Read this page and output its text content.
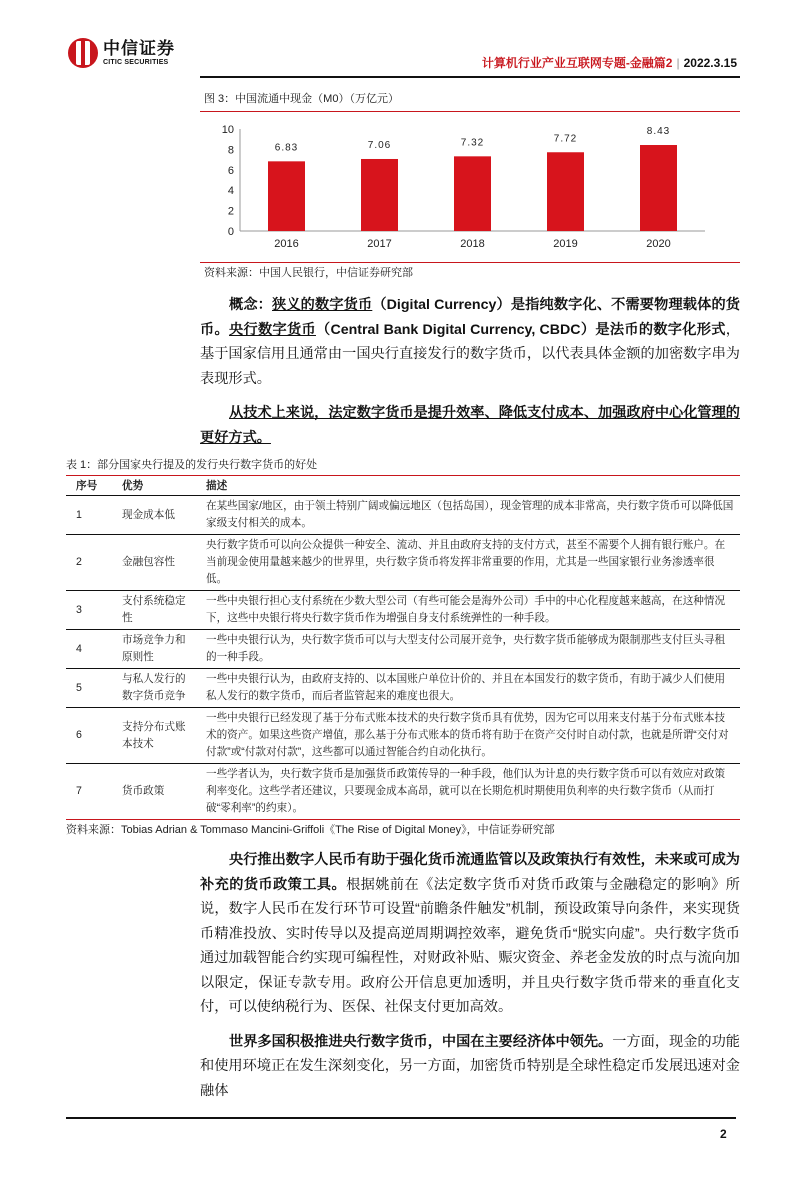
中信证券
CITIC SECURITIES	计算机行业产业互联网专题-金融篇2 | 2022.3.15
图 3：中国流通中现金（M0）（万亿元）
0
2
4
6
8
10
6.83
2016
7.06
2017
7.32
2018
7.72
2019
8.43
2020
资料来源：中国人民银行，中信证券研究部
概念：狭义的数字货币（Digital Currency）是指纯数字化、不需要物理载体的货币。央行数字货币（Central Bank Digital Currency, CBDC）是法币的数字化形式，基于国家信用且通常由一国央行直接发行的数字货币，以代表具体金额的加密数字串为表现形式。
从技术上来说，法定数字货币是提升效率、降低支付成本、加强政府中心化管理的更好方式。
表 1：部分国家央行提及的发行央行数字货币的好处
序号	优势	描述
1	现金成本低	在某些国家/地区，由于领土特别广阔或偏远地区（包括岛国），现金管理的成本非常高，央行数字货币可以降低国家级支付相关的成本。
2	金融包容性	央行数字货币可以向公众提供一种安全、流动、并且由政府支持的支付方式，甚至不需要个人拥有银行账户。在当前现金使用量越来越少的世界里，央行数字货币将发挥非常重要的作用，尤其是一些国家银行业务渗透率很低。
3	支付系统稳定性	一些中央银行担心支付系统在少数大型公司（有些可能会是海外公司）手中的中心化程度越来越高，在这种情况下，这些中央银行将央行数字货币作为增强自身支付系统弹性的一种手段。
4	市场竞争力和原则性	一些中央银行认为，央行数字货币可以与大型支付公司展开竞争，央行数字货币能够成为限制那些支付巨头寻租的一种手段。
5	与私人发行的数字货币竞争	一些中央银行认为，由政府支持的、以本国账户单位计价的、并且在本国发行的数字货币，有助于减少人们使用私人发行的数字货币，而后者监管起来的难度也很大。
6	支持分布式账本技术	一些中央银行已经发现了基于分布式账本技术的央行数字货币具有优势，因为它可以用来支付基于分布式账本技术的资产。如果这些资产增值，那么基于分布式账本的货币将有助于在资产交付时自动付款，也就是所谓“交付对付款”或“付款对付款”，这些都可以通过智能合约自动化执行。
7	货币政策	一些学者认为，央行数字货币是加强货币政策传导的一种手段，他们认为计息的央行数字货币可以有效应对政策利率变化。这些学者还建议，只要现金成本高昂，就可以在长期危机时期使用负利率的央行数字货币（从而打破“零利率”的约束）。
资料来源：Tobias Adrian & Tommaso Mancini-Griffoli《The Rise of Digital Money》，中信证券研究部
央行推出数字人民币有助于强化货币流通监管以及政策执行有效性，未来或可成为补充的货币政策工具。根据姚前在《法定数字货币对货币政策与金融稳定的影响》所说，数字人民币在发行环节可设置“前瞻条件触发”机制，预设政策导向条件，来实现货币精准投放、实时传导以及提高逆周期调控效率，避免货币“脱实向虚”。央行数字货币通过加载智能合约实现可编程性，对财政补贴、赈灾资金、养老金发放的时点与流向加以限定，保证专款专用。政府公开信息更加透明，并且央行数字货币带来的垂直化支付，可以使纳税行为、医保、社保支付更加高效。
世界多国积极推进央行数字货币，中国在主要经济体中领先。一方面，现金的功能和使用环境正在发生深刻变化，另一方面，加密货币特别是全球性稳定币发展迅速对金融体
2
